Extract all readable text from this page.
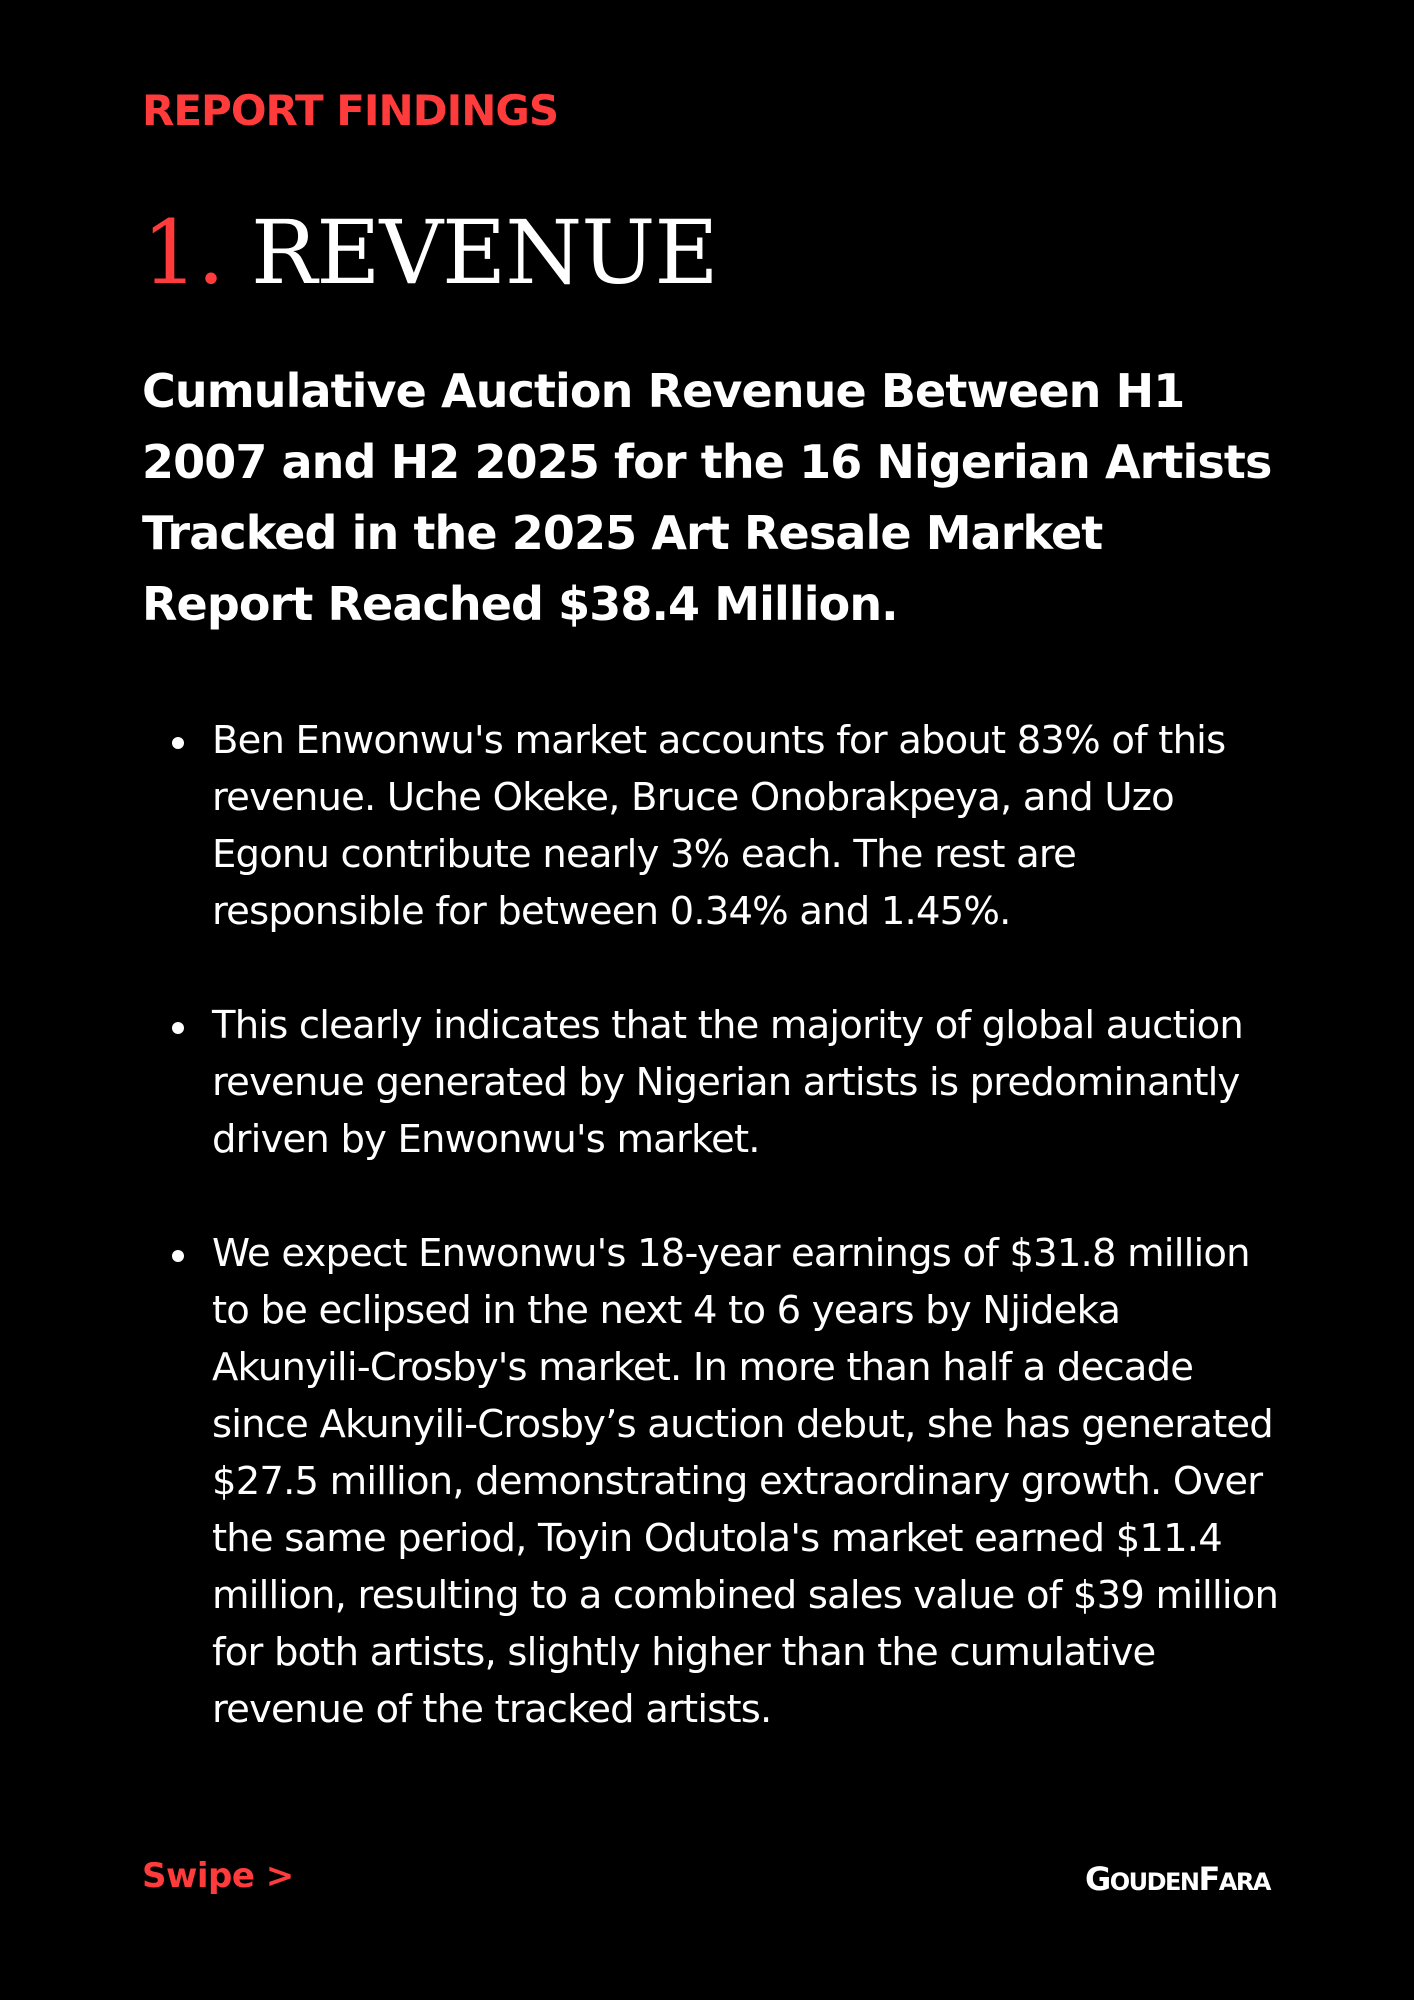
REPORT FINDINGS
1. REVENUE
Cumulative Auction Revenue Between H1 2007 and H2 2025 for the 16 Nigerian Artists Tracked in the 2025 Art Resale Market Report Reached $38.4 Million.
Ben Enwonwu's market accounts for about 83% of this revenue. Uche Okeke, Bruce Onobrakpeya, and Uzo Egonu contribute nearly 3% each. The rest are responsible for between 0.34% and 1.45%.
This clearly indicates that the majority of global auction revenue generated by Nigerian artists is predominantly driven by Enwonwu's market.
We expect Enwonwu's 18-year earnings of $31.8 million to be eclipsed in the next 4 to 6 years by Njideka Akunyili-Crosby's market. In more than half a decade since Akunyili-Crosby’s auction debut, she has generated $27.5 million, demonstrating extraordinary growth. Over the same period, Toyin Odutola's market earned $11.4 million, resulting to a combined sales value of $39 million for both artists, slightly higher than the cumulative revenue of the tracked artists.
Swipe >	GOUDENFARA
